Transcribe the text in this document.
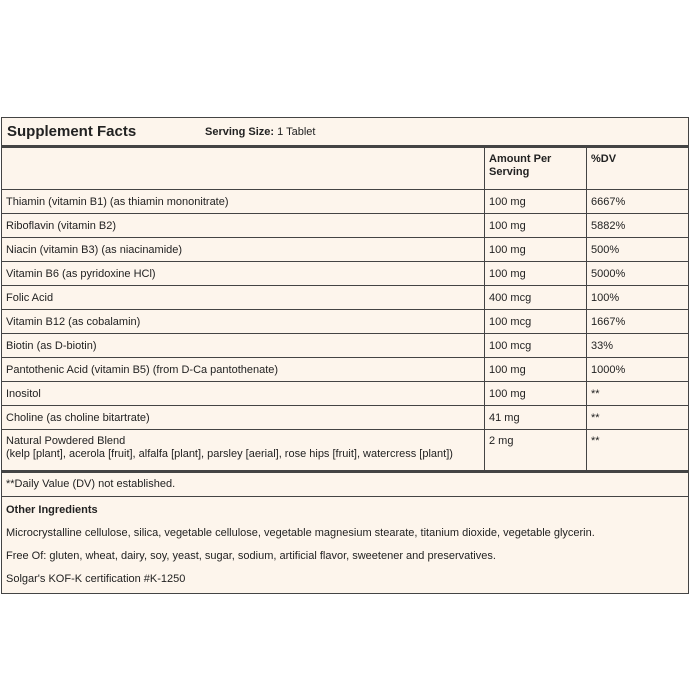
Supplement Facts	Serving Size: 1 Tablet
	Amount Per Serving	%DV
Thiamin (vitamin B1) (as thiamin mononitrate)	100 mg	6667%
Riboflavin (vitamin B2)	100 mg	5882%
Niacin (vitamin B3) (as niacinamide)	100 mg	500%
Vitamin B6 (as pyridoxine HCl)	100 mg	5000%
Folic Acid	400 mcg	100%
Vitamin B12 (as cobalamin)	100 mcg	1667%
Biotin (as D-biotin)	100 mcg	33%
Pantothenic Acid (vitamin B5) (from D-Ca pantothenate)	100 mg	1000%
Inositol	100 mg	**
Choline (as choline bitartrate)	41 mg	**

Natural Powdered Blend
(kelp [plant], acerola [fruit], alfalfa [plant], parsley [aerial], rose hips [fruit], watercress [plant])	2 mg	**
**Daily Value (DV) not established.
Other Ingredients
Microcrystalline cellulose, silica, vegetable cellulose, vegetable magnesium stearate, titanium dioxide, vegetable glycerin.
Free Of: gluten, wheat, dairy, soy, yeast, sugar, sodium, artificial flavor, sweetener and preservatives.
Solgar's KOF-K certification #K-1250
